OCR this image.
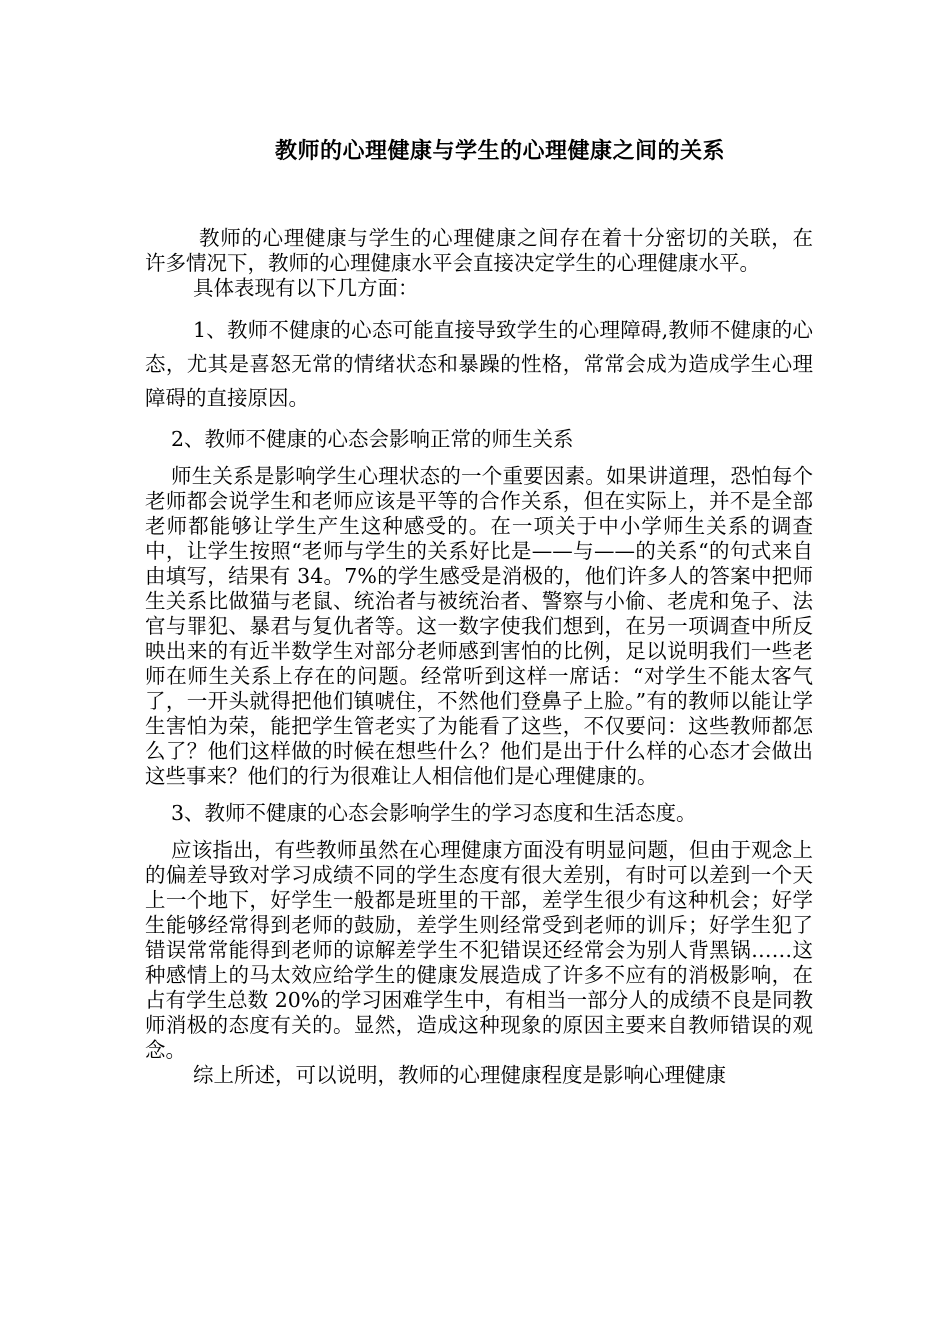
教师的心理健康与学生的心理健康之间的关系

教师的心理健康与学生的心理健康之间存在着十分密切的关联，在许多情况下，教师的心理健康水平会直接决定学生的心理健康水平。

具体表现有以下几方面：

1、教师不健康的心态可能直接导致学生的心理障碍,教师不健康的心态，尤其是喜怒无常的情绪状态和暴躁的性格，常常会成为造成学生心理障碍的直接原因。

2、教师不健康的心态会影响正常的师生关系

师生关系是影响学生心理状态的一个重要因素。如果讲道理，恐怕每个老师都会说学生和老师应该是平等的合作关系，但在实际上，并不是全部老师都能够让学生产生这种感受的。在一项关于中小学师生关系的调查中，让学生按照“老师与学生的关系好比是——与——的关系“的句式来自由填写，结果有 34。7%的学生感受是消极的，他们许多人的答案中把师生关系比做猫与老鼠、统治者与被统治者、警察与小偷、老虎和兔子、法官与罪犯、暴君与复仇者等。这一数字使我们想到，在另一项调查中所反映出来的有近半数学生对部分老师感到害怕的比例，足以说明我们一些老师在师生关系上存在的问题。经常听到这样一席话：“对学生不能太客气了，一开头就得把他们镇唬住，不然他们登鼻子上脸。”有的教师以能让学生害怕为荣，能把学生管老实了为能看了这些，不仅要问：这些教师都怎么了？他们这样做的时候在想些什么？他们是出于什么样的心态才会做出这些事来？他们的行为很难让人相信他们是心理健康的。

3、教师不健康的心态会影响学生的学习态度和生活态度。

应该指出，有些教师虽然在心理健康方面没有明显问题，但由于观念上的偏差导致对学习成绩不同的学生态度有很大差别，有时可以差到一个天上一个地下，好学生一般都是班里的干部，差学生很少有这种机会；好学生能够经常得到老师的鼓励，差学生则经常受到老师的训斥；好学生犯了错误常常能得到老师的谅解差学生不犯错误还经常会为别人背黑锅……这种感情上的马太效应给学生的健康发展造成了许多不应有的消极影响，在占有学生总数 20%的学习困难学生中，有相当一部分人的成绩不良是同教师消极的态度有关的。显然，造成这种现象的原因主要来自教师错误的观念。

综上所述，可以说明，教师的心理健康程度是影响心理健康
